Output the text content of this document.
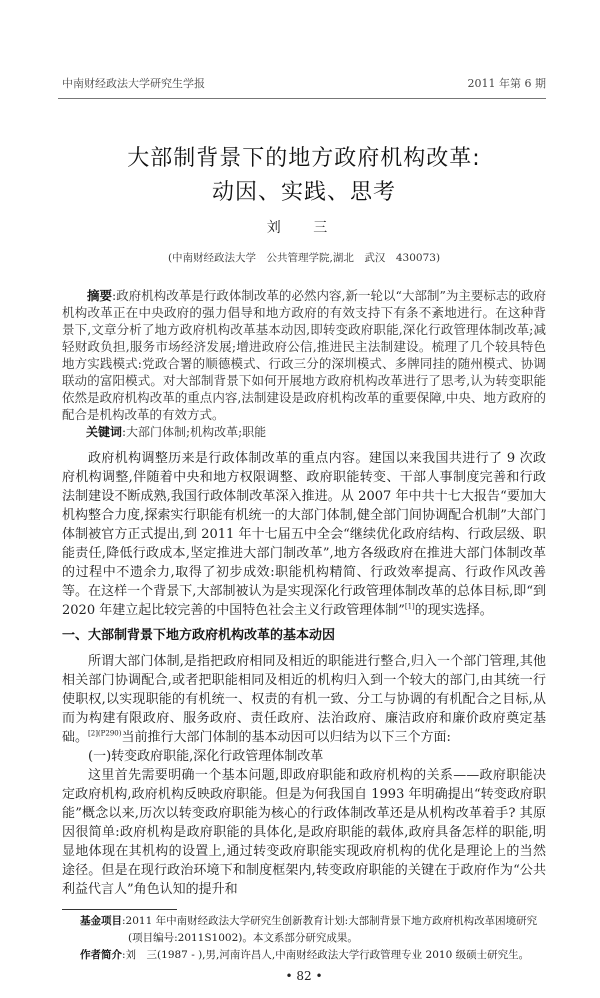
中南财经政法大学研究生学报	2011 年第 6 期
大部制背景下的地方政府机构改革:
动因、实践、思考
刘 三
(中南财经政法大学　公共管理学院,湖北　武汉　430073)

摘要:政府机构改革是行政体制改革的必然内容,新一轮以“大部制”为主要标志的政府机构改革正在中央政府的强力倡导和地方政府的有效支持下有条不紊地进行。在这种背景下,文章分析了地方政府机构改革基本动因,即转变政府职能,深化行政管理体制改革;减轻财政负担,服务市场经济发展;增进政府公信,推进民主法制建设。梳理了几个较具特色地方实践模式:党政合署的顺德模式、行政三分的深圳模式、多牌同挂的随州模式、协调联动的富阳模式。对大部制背景下如何开展地方政府机构改革进行了思考,认为转变职能依然是政府机构改革的重点内容,法制建设是政府机构改革的重要保障,中央、地方政府的配合是机构改革的有效方式。

关键词:大部门体制;机构改革;职能

政府机构调整历来是行政体制改革的重点内容。建国以来我国共进行了 9 次政府机构调整,伴随着中央和地方权限调整、政府职能转变、干部人事制度完善和行政法制建设不断成熟,我国行政体制改革深入推进。从 2007 年中共十七大报告“要加大机构整合力度,探索实行职能有机统一的大部门体制,健全部门间协调配合机制”大部门体制被官方正式提出,到 2011 年十七届五中全会“继续优化政府结构、行政层级、职能责任,降低行政成本,坚定推进大部门制改革”,地方各级政府在推进大部门体制改革的过程中不遗余力,取得了初步成效:职能机构精简、行政效率提高、行政作风改善等。在这样一个背景下,大部制被认为是实现深化行政管理体制改革的总体目标,即“到 2020 年建立起比较完善的中国特色社会主义行政管理体制”[1]的现实选择。

一、大部制背景下地方政府机构改革的基本动因

所谓大部门体制,是指把政府相同及相近的职能进行整合,归入一个部门管理,其他相关部门协调配合,或者把职能相同及相近的机构归入到一个较大的部门,由其统一行使职权,以实现职能的有机统一、权责的有机一致、分工与协调的有机配合之目标,从而为构建有限政府、服务政府、责任政府、法治政府、廉洁政府和廉价政府奠定基础。$^{[2](P290)}$当前推行大部门体制的基本动因可以归结为以下三个方面:

(一)转变政府职能,深化行政管理体制改革

这里首先需要明确一个基本问题,即政府职能和政府机构的关系——政府职能决定政府机构,政府机构反映政府职能。但是为何我国自 1993 年明确提出“转变政府职能”概念以来,历次以转变政府职能为核心的行政体制改革还是从机构改革着手? 其原因很简单:政府机构是政府职能的具体化,是政府职能的载体,政府具备怎样的职能,明显地体现在其机构的设置上,通过转变政府职能实现政府机构的优化是理论上的当然途径。但是在现行政治环境下和制度框架内,转变政府职能的关键在于政府作为“公共利益代言人”角色认知的提升和

基金项目:2011 年中南财经政法大学研究生创新教育计划:大部制背景下地方政府机构改革困境研究(项目编号:2011S1002)。本文系部分研究成果。
作者简介:刘　三(1987 - ),男,河南许昌人,中南财经政法大学行政管理专业 2010 级硕士研究生。
• 82 •
